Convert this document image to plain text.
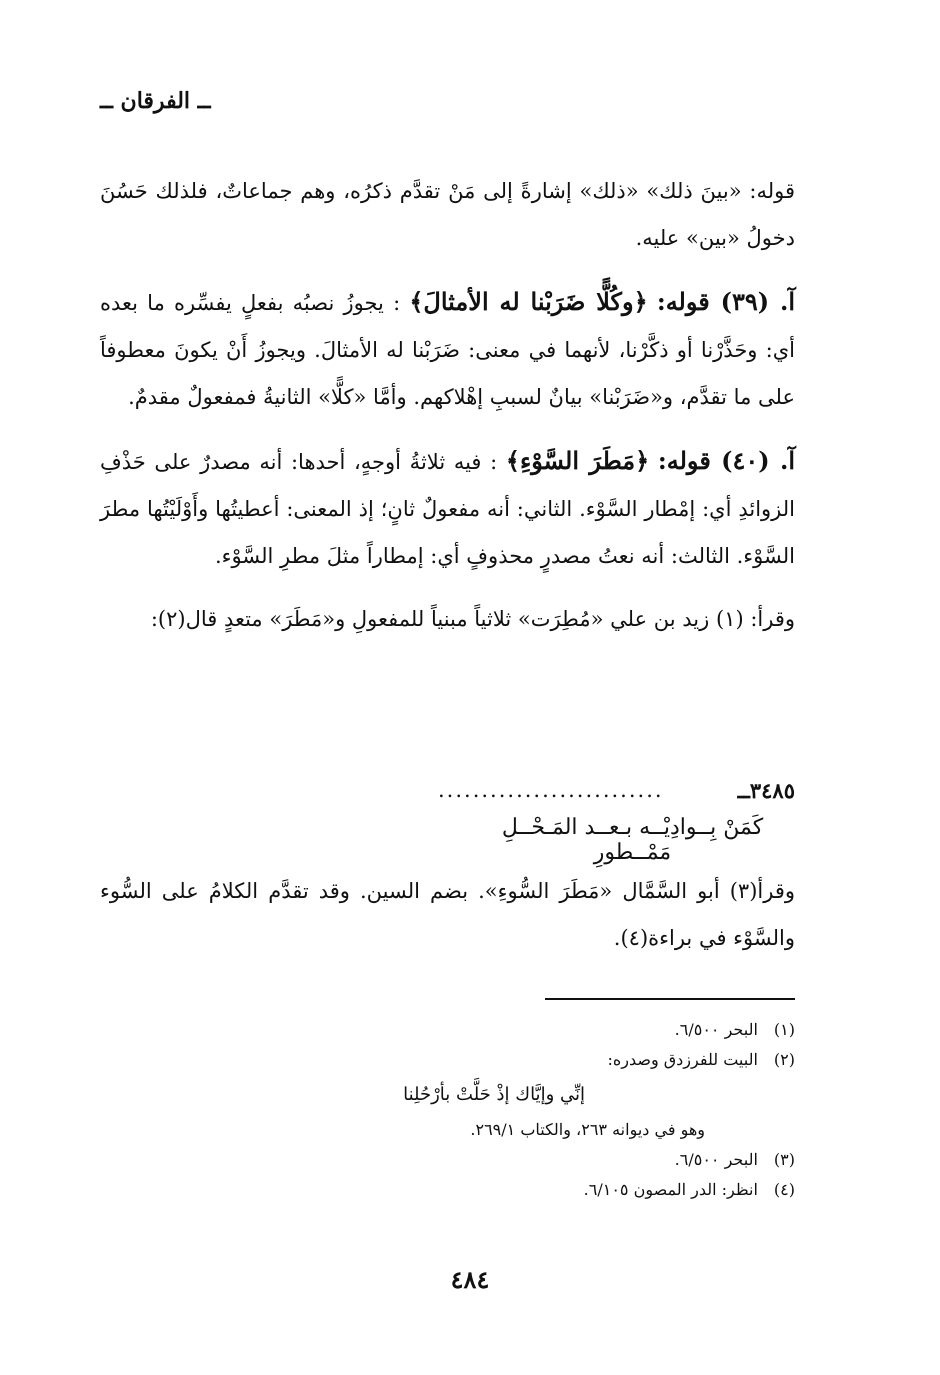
ــ الفرقان ــ

قوله: «بينَ ذلك» «ذلك» إشارةً إلى مَنْ تقدَّم ذكرُه، وهم جماعاتٌ، فلذلك حَسُنَ دخولُ «بين» عليه.

آ. (٣٩) قوله: ﴿وكُلًّا ضَرَبْنا له الأمثالَ﴾ : يجوزُ نصبُه بفعلٍ يفسِّره ما بعده أي: وحَذَّرْنا أو ذكَّرْنا، لأنهما في معنى: ضَرَبْنا له الأمثالَ. ويجوزُ أَنْ يكونَ معطوفاً على ما تقدَّم، و«ضَرَبْنا» بيانٌ لسببِ إهْلاكهم. وأمَّا «كلًّا» الثانيةُ فمفعولٌ مقدمٌ.

آ. (٤٠) قوله: ﴿مَطَرَ السَّوْءِ﴾ : فيه ثلاثةُ أوجهٍ، أحدها: أنه مصدرٌ على حَذْفِ الزوائدِ أي: إمْطار السَّوْء. الثاني: أنه مفعولٌ ثانٍ؛ إذ المعنى: أعطيتُها وأَوْلَيْتُها مطرَ السَّوْء. الثالث: أنه نعتُ مصدرٍ محذوفٍ أي: إمطاراً مثلَ مطرِ السَّوْء.

وقرأ: (١) زيد بن علي «مُطِرَت» ثلاثياً مبنياً للمفعولِ و«مَطَرَ» متعدٍ قال(٢):

٣٤٨٥ــ
..........................
كَمَنْ بِــوادِيْــه بـعــد المَـحْــلِ مَمْــطورِ
وقرأ(٣) أبو السَّمَّال «مَطَرَ السُّوءِ». بضم السين. وقد تقدَّم الكلامُ على السُّوء والسَّوْء في براءة(٤).
(١) البحر ٦/٥٠٠.
(٢) البيت للفرزدق وصدره:
إنِّي وإيَّاك إذْ حَلَّتْ بأرْحُلِنا
وهو في ديوانه ٢٦٣، والكتاب ٢٦٩/١.
(٣) البحر ٦/٥٠٠.
(٤) انظر: الدر المصون ٦/١٠٥.
٤٨٤
